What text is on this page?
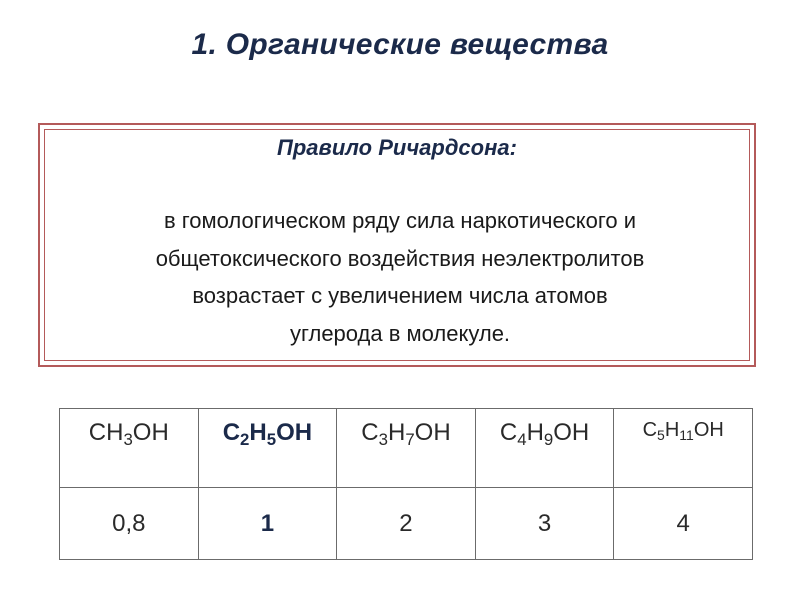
1. Органические вещества
Правило Ричардсона:
в гомологическом ряду сила наркотического и
общетоксического воздействия неэлектролитов
возрастает с увеличением числа атомов
углерода в молекуле.
$CH_3OH$	$C_2H_5OH$	$C_3H_7OH$	$C_4H_9OH$	$C_5H_{11}OH$
0,8	1	2	3	4
